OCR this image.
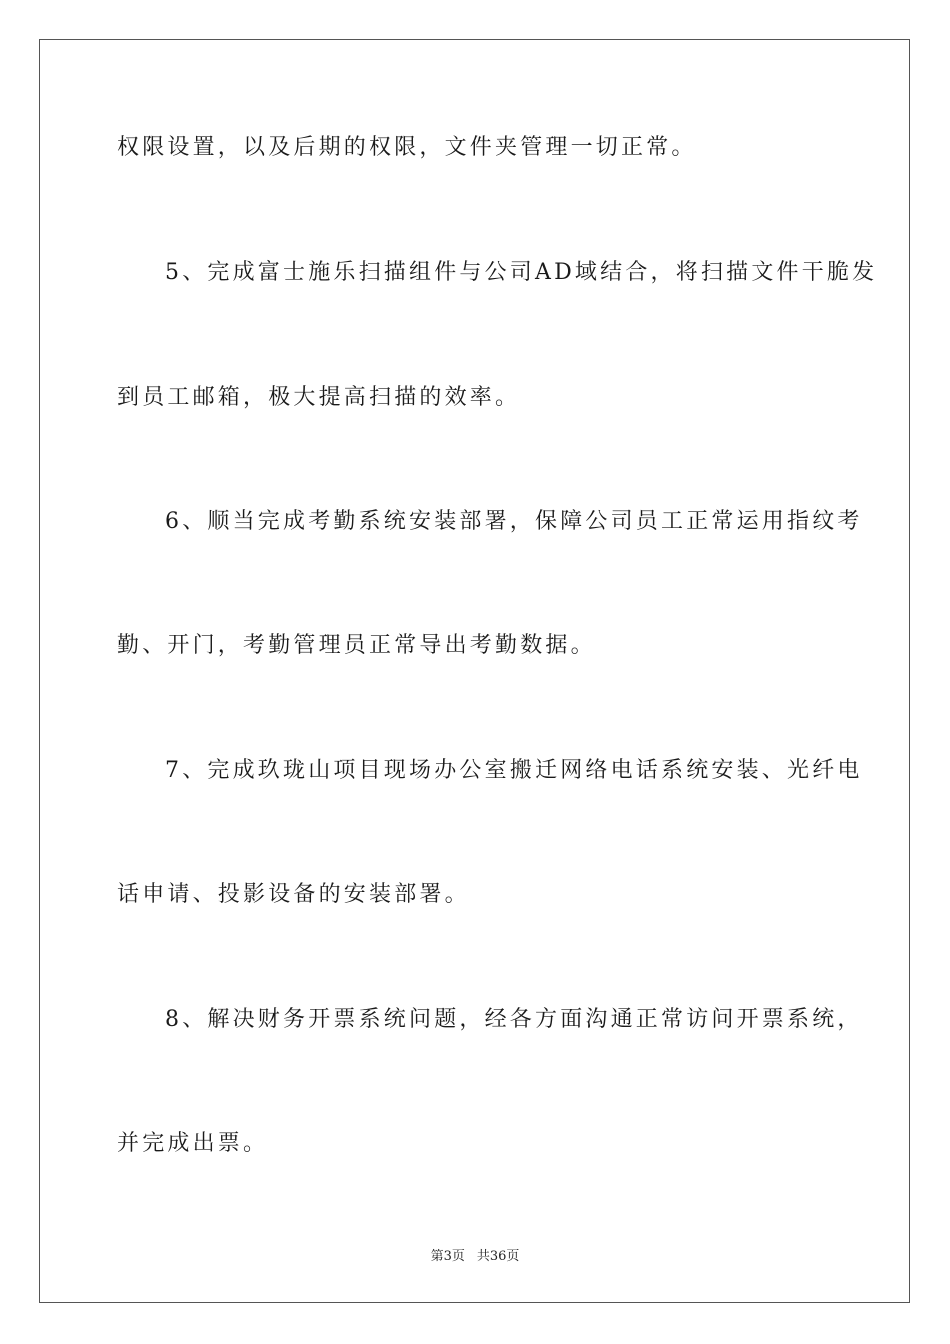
权限设置，以及后期的权限，文件夹管理一切正常。
5、完成富士施乐扫描组件与公司AD域结合，将扫描文件干脆发
到员工邮箱，极大提高扫描的效率。
6、顺当完成考勤系统安装部署，保障公司员工正常运用指纹考
勤、开门，考勤管理员正常导出考勤数据。
7、完成玖珑山项目现场办公室搬迁网络电话系统安装、光纤电
话申请、投影设备的安装部署。
8、解决财务开票系统问题，经各方面沟通正常访问开票系统，
并完成出票。
第3页 共36页
